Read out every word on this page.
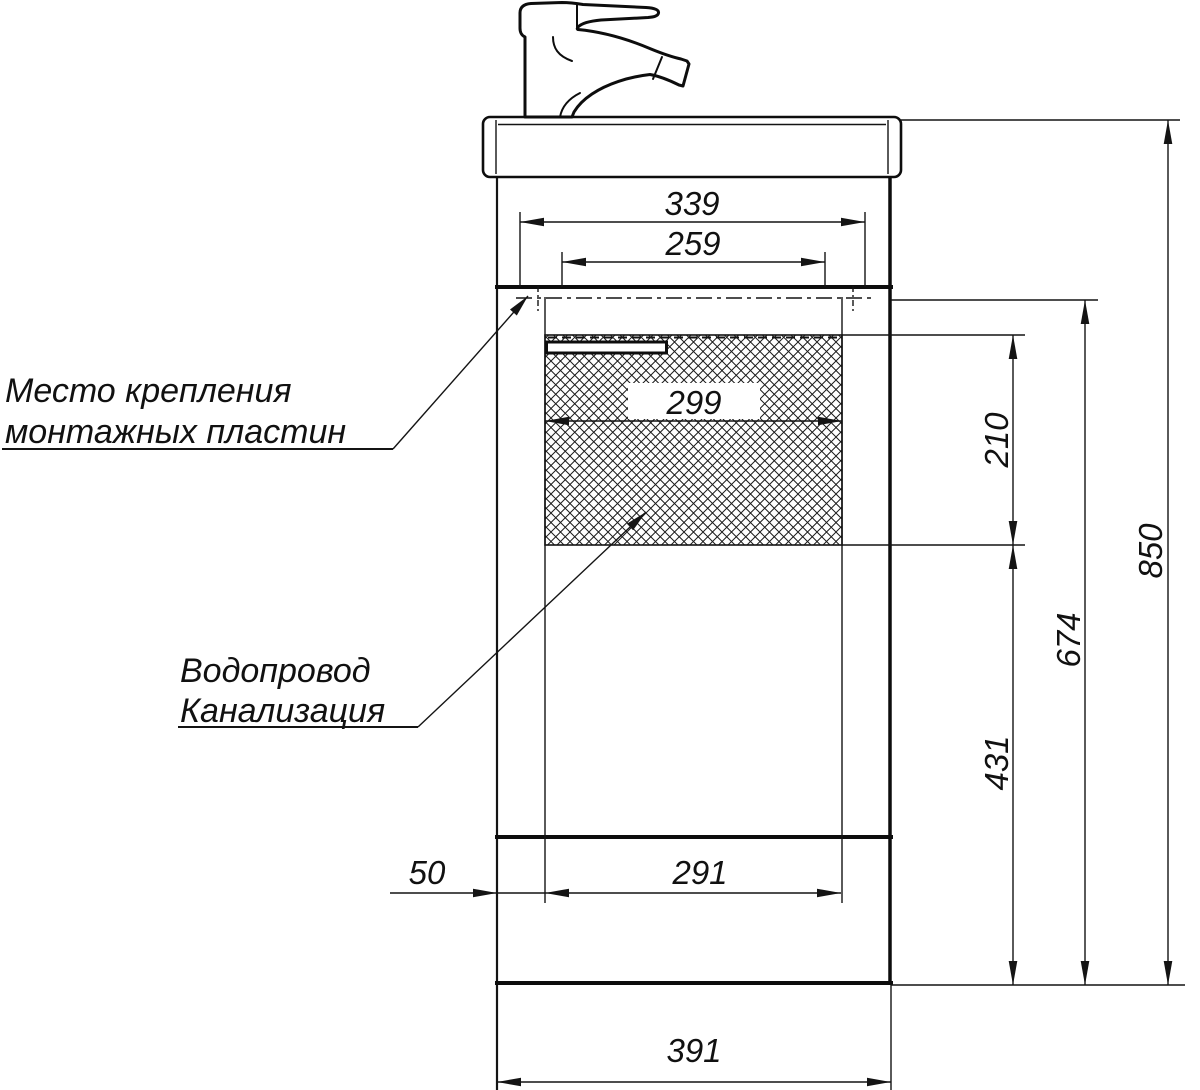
339
259
299
210
431
674
850
50	291
391
Место крепления
монтажных пластин
Водопровод
Канализация
